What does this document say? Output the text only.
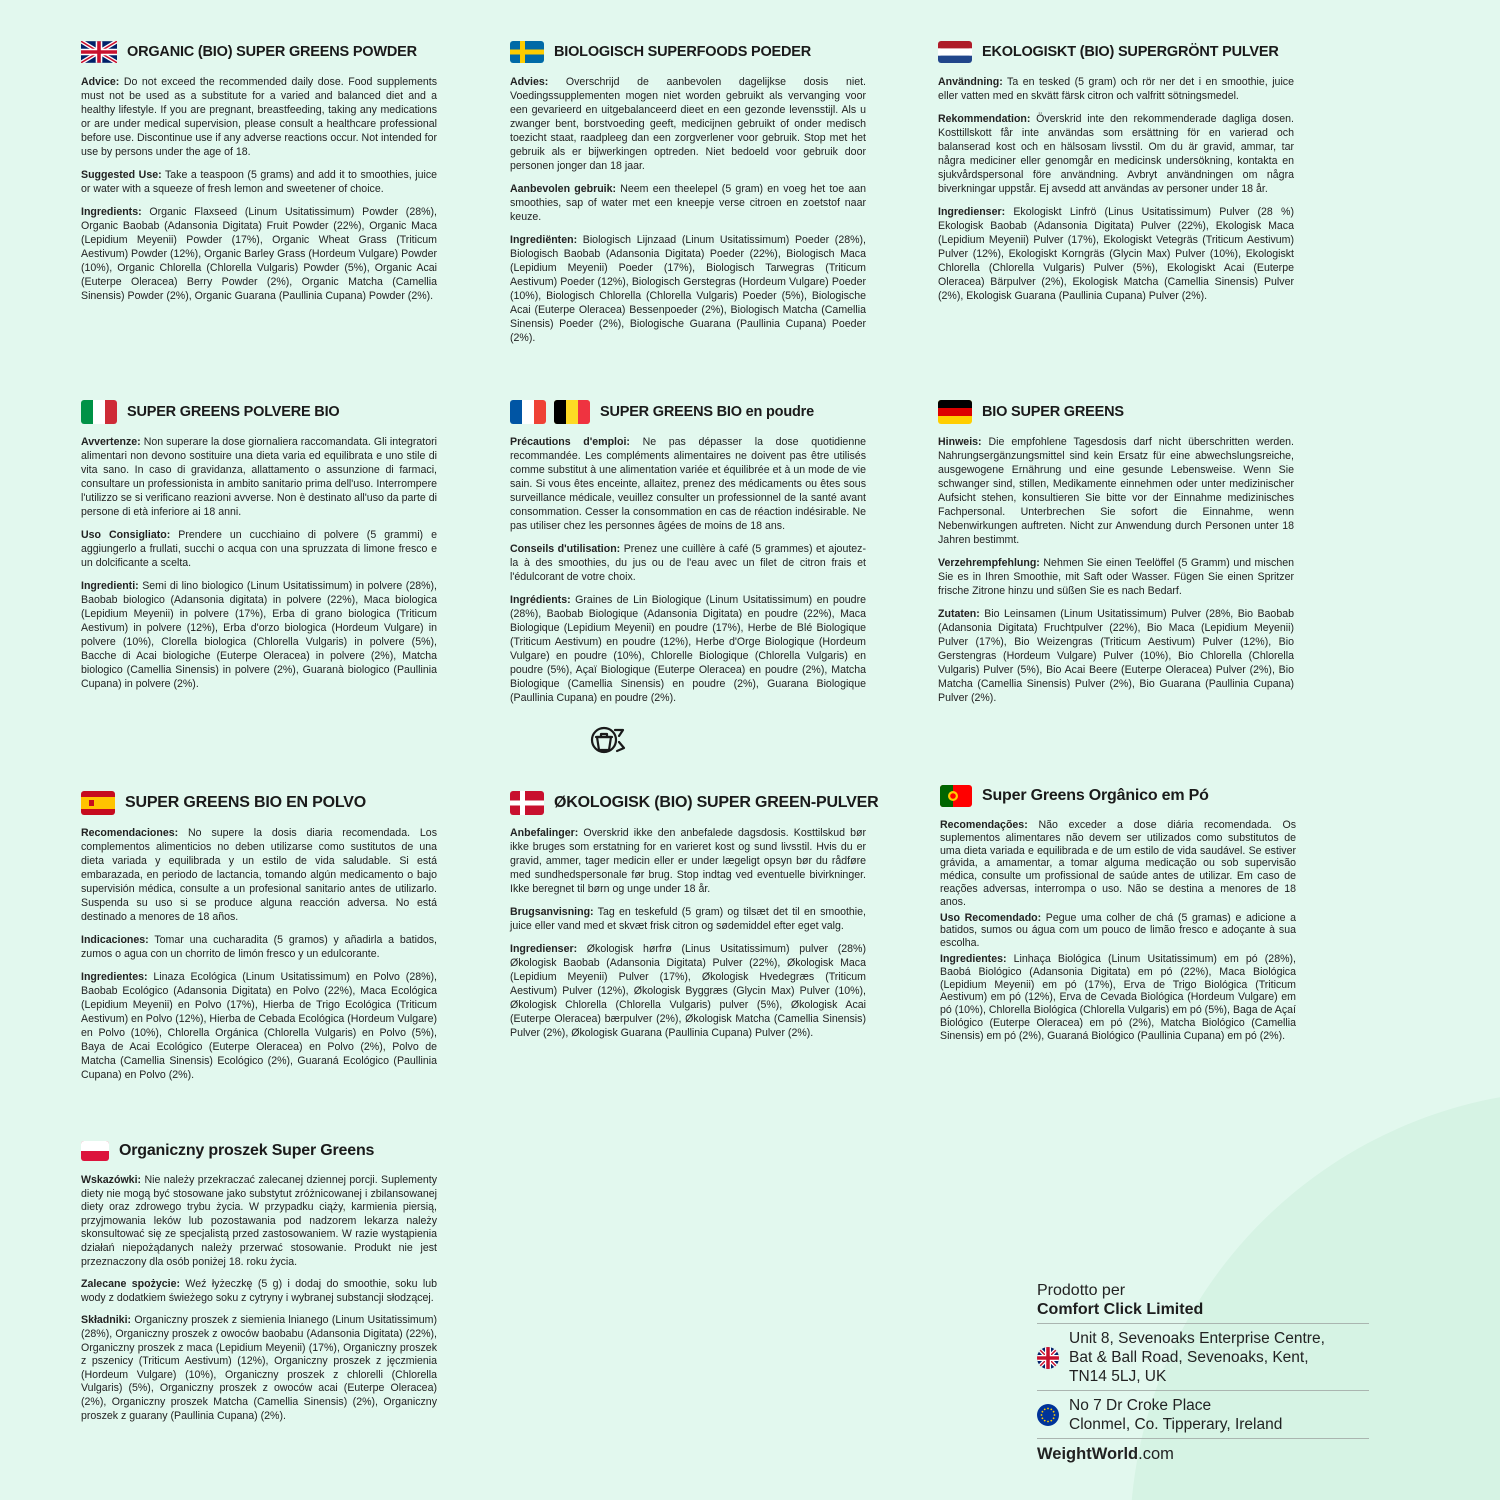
ORGANIC (BIO) SUPER GREENS POWDER

Advice: Do not exceed the recommended daily dose. Food supplements must not be used as a substitute for a varied and balanced diet and a healthy lifestyle. If you are pregnant, breastfeeding, taking any medications or are under medical supervision, please consult a healthcare professional before use. Discontinue use if any adverse reactions occur. Not intended for use by persons under the age of 18.

Suggested Use: Take a teaspoon (5 grams) and add it to smoothies, juice or water with a squeeze of fresh lemon and sweetener of choice.

Ingredients: Organic Flaxseed (Linum Usitatissimum) Powder (28%), Organic Baobab (Adansonia Digitata) Fruit Powder (22%), Organic Maca (Lepidium Meyenii) Powder (17%), Organic Wheat Grass (Triticum Aestivum) Powder (12%), Organic Barley Grass (Hordeum Vulgare) Powder (10%), Organic Chlorella (Chlorella Vulgaris) Powder (5%), Organic Acai (Euterpe Oleracea) Berry Powder (2%), Organic Matcha (Camellia Sinensis) Powder (2%), Organic Guarana (Paullinia Cupana) Powder (2%).

BIOLOGISCH SUPERFOODS POEDER

Advies: Overschrijd de aanbevolen dagelijkse dosis niet. Voedingssupplementen mogen niet worden gebruikt als vervanging voor een gevarieerd en uitgebalanceerd dieet en een gezonde levensstijl. Als u zwanger bent, borstvoeding geeft, medicijnen gebruikt of onder medisch toezicht staat, raadpleeg dan een zorgverlener voor gebruik. Stop met het gebruik als er bijwerkingen optreden. Niet bedoeld voor gebruik door personen jonger dan 18 jaar.

Aanbevolen gebruik: Neem een theelepel (5 gram) en voeg het toe aan smoothies, sap of water met een kneepje verse citroen en zoetstof naar keuze.

Ingrediënten: Biologisch Lijnzaad (Linum Usitatissimum) Poeder (28%), Biologisch Baobab (Adansonia Digitata) Poeder (22%), Biologisch Maca (Lepidium Meyenii) Poeder (17%), Biologisch Tarwegras (Triticum Aestivum) Poeder (12%), Biologisch Gerstegras (Hordeum Vulgare) Poeder (10%), Biologisch Chlorella (Chlorella Vulgaris) Poeder (5%), Biologische Acai (Euterpe Oleracea) Bessenpoeder (2%), Biologisch Matcha (Camellia Sinensis) Poeder (2%), Biologische Guarana (Paullinia Cupana) Poeder (2%).

EKOLOGISKT (BIO) SUPERGRÖNT PULVER

Användning: Ta en tesked (5 gram) och rör ner det i en smoothie, juice eller vatten med en skvätt färsk citron och valfritt sötningsmedel.

Rekommendation: Överskrid inte den rekommenderade dagliga dosen. Kosttillskott får inte användas som ersättning för en varierad och balanserad kost och en hälsosam livsstil. Om du är gravid, ammar, tar några mediciner eller genomgår en medicinsk undersökning, kontakta en sjukvårdspersonal före användning. Avbryt användningen om några biverkningar uppstår. Ej avsedd att användas av personer under 18 år.

Ingredienser: Ekologiskt Linfrö (Linus Usitatissimum) Pulver (28 %) Ekologisk Baobab (Adansonia Digitata) Pulver (22%), Ekologisk Maca (Lepidium Meyenii) Pulver (17%), Ekologiskt Vetegräs (Triticum Aestivum) Pulver (12%), Ekologiskt Korngräs (Glycin Max) Pulver (10%), Ekologiskt Chlorella (Chlorella Vulgaris) Pulver (5%), Ekologiskt Acai (Euterpe Oleracea) Bärpulver (2%), Ekologisk Matcha (Camellia Sinensis) Pulver (2%), Ekologisk Guarana (Paullinia Cupana) Pulver (2%).

SUPER GREENS POLVERE BIO

Avvertenze: Non superare la dose giornaliera raccomandata. Gli integratori alimentari non devono sostituire una dieta varia ed equilibrata e uno stile di vita sano. In caso di gravidanza, allattamento o assunzione di farmaci, consultare un professionista in ambito sanitario prima dell'uso. Interrompere l'utilizzo se si verificano reazioni avverse. Non è destinato all'uso da parte di persone di età inferiore ai 18 anni.

Uso Consigliato: Prendere un cucchiaino di polvere (5 grammi) e aggiungerlo a frullati, succhi o acqua con una spruzzata di limone fresco e un dolcificante a scelta.

Ingredienti: Semi di lino biologico (Linum Usitatissimum) in polvere (28%), Baobab biologico (Adansonia digitata) in polvere (22%), Maca biologica (Lepidium Meyenii) in polvere (17%), Erba di grano biologica (Triticum Aestivum) in polvere (12%), Erba d'orzo biologica (Hordeum Vulgare) in polvere (10%), Clorella biologica (Chlorella Vulgaris) in polvere (5%), Bacche di Acai biologiche (Euterpe Oleracea) in polvere (2%), Matcha biologico (Camellia Sinensis) in polvere (2%), Guaranà biologico (Paullinia Cupana) in polvere (2%).

SUPER GREENS BIO en poudre

Précautions d'emploi: Ne pas dépasser la dose quotidienne recommandée. Les compléments alimentaires ne doivent pas être utilisés comme substitut à une alimentation variée et équilibrée et à un mode de vie sain. Si vous êtes enceinte, allaitez, prenez des médicaments ou êtes sous surveillance médicale, veuillez consulter un professionnel de la santé avant consommation. Cesser la consommation en cas de réaction indésirable. Ne pas utiliser chez les personnes âgées de moins de 18 ans.

Conseils d'utilisation: Prenez une cuillère à café (5 grammes) et ajoutez-la à des smoothies, du jus ou de l'eau avec un filet de citron frais et l'édulcorant de votre choix.

Ingrédients: Graines de Lin Biologique (Linum Usitatissimum) en poudre (28%), Baobab Biologique (Adansonia Digitata) en poudre (22%), Maca Biologique (Lepidium Meyenii) en poudre (17%), Herbe de Blé Biologique (Triticum Aestivum) en poudre (12%), Herbe d'Orge Biologique (Hordeum Vulgare) en poudre (10%), Chlorelle Biologique (Chlorella Vulgaris) en poudre (5%), Açaï Biologique (Euterpe Oleracea) en poudre (2%), Matcha Biologique (Camellia Sinensis) en poudre (2%), Guarana Biologique (Paullinia Cupana) en poudre (2%).

BIO SUPER GREENS

Hinweis: Die empfohlene Tagesdosis darf nicht überschritten werden. Nahrungsergänzungsmittel sind kein Ersatz für eine abwechslungsreiche, ausgewogene Ernährung und eine gesunde Lebensweise. Wenn Sie schwanger sind, stillen, Medikamente einnehmen oder unter medizinischer Aufsicht stehen, konsultieren Sie bitte vor der Einnahme medizinisches Fachpersonal. Unterbrechen Sie sofort die Einnahme, wenn Nebenwirkungen auftreten. Nicht zur Anwendung durch Personen unter 18 Jahren bestimmt.

Verzehrempfehlung: Nehmen Sie einen Teelöffel (5 Gramm) und mischen Sie es in Ihren Smoothie, mit Saft oder Wasser. Fügen Sie einen Spritzer frische Zitrone hinzu und süßen Sie es nach Bedarf.

Zutaten: Bio Leinsamen (Linum Usitatissimum) Pulver (28%, Bio Baobab (Adansonia Digitata) Fruchtpulver (22%), Bio Maca (Lepidium Meyenii) Pulver (17%), Bio Weizengras (Triticum Aestivum) Pulver (12%), Bio Gerstengras (Hordeum Vulgare) Pulver (10%), Bio Chlorella (Chlorella Vulgaris) Pulver (5%), Bio Acai Beere (Euterpe Oleracea) Pulver (2%), Bio Matcha (Camellia Sinensis) Pulver (2%), Bio Guarana (Paullinia Cupana) Pulver (2%).

SUPER GREENS BIO EN POLVO

Recomendaciones: No supere la dosis diaria recomendada. Los complementos alimenticios no deben utilizarse como sustitutos de una dieta variada y equilibrada y un estilo de vida saludable. Si está embarazada, en periodo de lactancia, tomando algún medicamento o bajo supervisión médica, consulte a un profesional sanitario antes de utilizarlo. Suspenda su uso si se produce alguna reacción adversa. No está destinado a menores de 18 años.

Indicaciones: Tomar una cucharadita (5 gramos) y añadirla a batidos, zumos o agua con un chorrito de limón fresco y un edulcorante.

Ingredientes: Linaza Ecológica (Linum Usitatissimum) en Polvo (28%), Baobab Ecológico (Adansonia Digitata) en Polvo (22%), Maca Ecológica (Lepidium Meyenii) en Polvo (17%), Hierba de Trigo Ecológica (Triticum Aestivum) en Polvo (12%), Hierba de Cebada Ecológica (Hordeum Vulgare) en Polvo (10%), Chlorella Orgánica (Chlorella Vulgaris) en Polvo (5%), Baya de Acai Ecológico (Euterpe Oleracea) en Polvo (2%), Polvo de Matcha (Camellia Sinensis) Ecológico (2%), Guaraná Ecológico (Paullinia Cupana) en Polvo (2%).

ØKOLOGISK (BIO) SUPER GREEN-PULVER

Anbefalinger: Overskrid ikke den anbefalede dagsdosis. Kosttilskud bør ikke bruges som erstatning for en varieret kost og sund livsstil. Hvis du er gravid, ammer, tager medicin eller er under lægeligt opsyn bør du rådføre med sundhedspersonale før brug. Stop indtag ved eventuelle bivirkninger. Ikke beregnet til børn og unge under 18 år.

Brugsanvisning: Tag en teskefuld (5 gram) og tilsæt det til en smoothie, juice eller vand med et skvæt frisk citron og sødemiddel efter eget valg.

Ingredienser: Økologisk hørfrø (Linus Usitatissimum) pulver (28%) Økologisk Baobab (Adansonia Digitata) Pulver (22%), Økologisk Maca (Lepidium Meyenii) Pulver (17%), Økologisk Hvedegræs (Triticum Aestivum) Pulver (12%), Økologisk Byggræs (Glycin Max) Pulver (10%), Økologisk Chlorella (Chlorella Vulgaris) pulver (5%), Økologisk Acai (Euterpe Oleracea) bærpulver (2%), Økologisk Matcha (Camellia Sinensis) Pulver (2%), Økologisk Guarana (Paullinia Cupana) Pulver (2%).

Super Greens Orgânico em Pó

Recomendações: Não exceder a dose diária recomendada. Os suplementos alimentares não devem ser utilizados como substitutos de uma dieta variada e equilibrada e de um estilo de vida saudável. Se estiver grávida, a amamentar, a tomar alguma medicação ou sob supervisão médica, consulte um profissional de saúde antes de utilizar. Em caso de reações adversas, interrompa o uso. Não se destina a menores de 18 anos.

Uso Recomendado: Pegue uma colher de chá (5 gramas) e adicione a batidos, sumos ou água com um pouco de limão fresco e adoçante à sua escolha.

Ingredientes: Linhaça Biológica (Linum Usitatissimum) em pó (28%), Baobá Biológico (Adansonia Digitata) em pó (22%), Maca Biológica (Lepidium Meyenii) em pó (17%), Erva de Trigo Biológica (Triticum Aestivum) em pó (12%), Erva de Cevada Biológica (Hordeum Vulgare) em pó (10%), Chlorella Biológica (Chlorella Vulgaris) em pó (5%), Baga de Açaí Biológico (Euterpe Oleracea) em pó (2%), Matcha Biológico (Camellia Sinensis) em pó (2%), Guaraná Biológico (Paullinia Cupana) em pó (2%).

Organiczny proszek Super Greens

Wskazówki: Nie należy przekraczać zalecanej dziennej porcji. Suplementy diety nie mogą być stosowane jako substytut zróżnicowanej i zbilansowanej diety oraz zdrowego trybu życia. W przypadku ciąży, karmienia piersią, przyjmowania leków lub pozostawania pod nadzorem lekarza należy skonsultować się ze specjalistą przed zastosowaniem. W razie wystąpienia działań niepożądanych należy przerwać stosowanie. Produkt nie jest przeznaczony dla osób poniżej 18. roku życia.

Zalecane spożycie: Weź łyżeczkę (5 g) i dodaj do smoothie, soku lub wody z dodatkiem świeżego soku z cytryny i wybranej substancji słodzącej.

Składniki: Organiczny proszek z siemienia lnianego (Linum Usitatissimum) (28%), Organiczny proszek z owoców baobabu (Adansonia Digitata) (22%), Organiczny proszek z maca (Lepidium Meyenii) (17%), Organiczny proszek z pszenicy (Triticum Aestivum) (12%), Organiczny proszek z jęczmienia (Hordeum Vulgare) (10%), Organiczny proszek z chlorelli (Chlorella Vulgaris) (5%), Organiczny proszek z owoców acai (Euterpe Oleracea) (2%), Organiczny proszek Matcha (Camellia Sinensis) (2%), Organiczny proszek z guarany (Paullinia Cupana) (2%).

Prodotto per
Comfort Click Limited
Unit 8, Sevenoaks Enterprise Centre,
Bat & Ball Road, Sevenoaks, Kent,
TN14 5LJ, UK
No 7 Dr Croke Place
Clonmel, Co. Tipperary, Ireland
WeightWorld.com
